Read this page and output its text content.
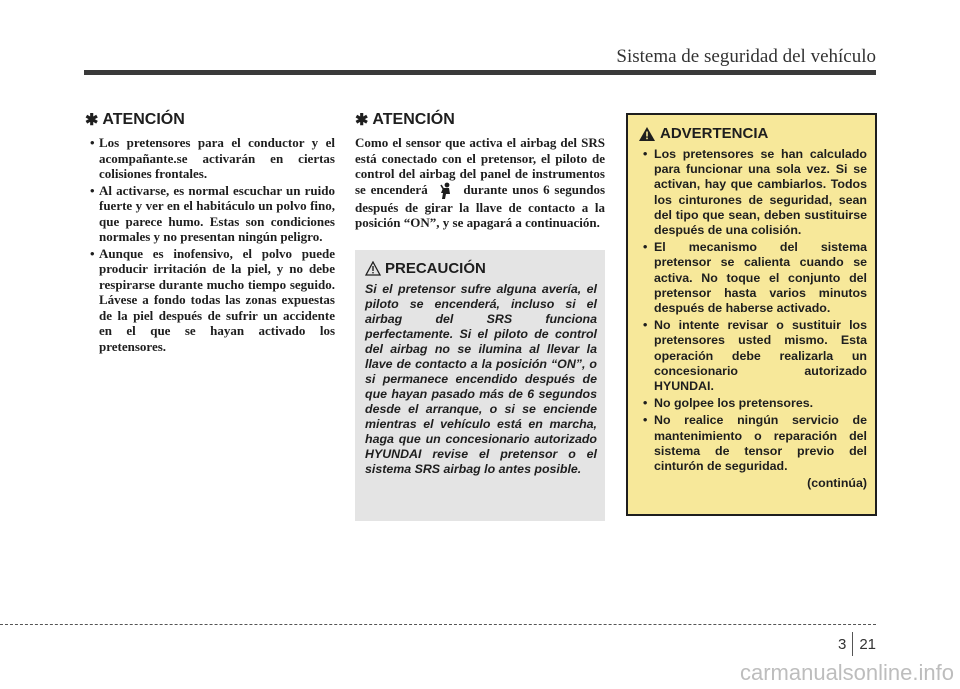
Sistema de seguridad del vehículo
✱ ATENCIÓN
• Los pretensores para el conductor y el acompañante.se activarán en ciertas colisiones frontales.
• Al activarse, es normal escuchar un ruido fuerte y ver en el habitáculo un polvo fino, que parece humo. Estas son condiciones normales y no presentan ningún peligro.
• Aunque es inofensivo, el polvo puede producir irritación de la piel, y no debe respirarse durante mucho tiempo seguido. Lávese a fondo todas las zonas expuestas de la piel después de sufrir un accidente en el que se hayan activado los pretensores.
✱ ATENCIÓN

Como el sensor que activa el airbag del SRS está conectado con el pretensor, el piloto de control del airbag del panel de instrumentos se encenderá	durante unos 6 segundos después de girar la llave de contacto a la posición “ON”, y se apagará a continuación.

PRECAUCIÓN

Si el pretensor sufre alguna avería, el piloto se encenderá, incluso si el airbag del SRS funciona perfectamente. Si el piloto de control del airbag no se ilumina al llevar la llave de contacto a la posición “ON”, o si permanece encendido después de que hayan pasado más de 6 segundos desde el arranque, o si se enciende mientras el vehículo está en marcha, haga que un concesionario autorizado HYUNDAI revise el pretensor o el sistema SRS airbag lo antes posible.

ADVERTENCIA
• Los pretensores se han calculado para funcionar una sola vez. Si se activan, hay que cambiarlos. Todos los cinturones de seguridad, sean del tipo que sean, deben sustituirse después de una colisión.
• El mecanismo del sistema pretensor se calienta cuando se activa. No toque el conjunto del pretensor hasta varios minutos después de haberse activado.
• No intente revisar o sustituir los pretensores usted mismo. Esta operación debe realizarla un concesionario autorizado HYUNDAI.
• No golpee los pretensores.
• No realice ningún servicio de mantenimiento o reparación del sistema de tensor previo del cinturón de seguridad.
(continúa)
3 21
carmanualsonline.info
